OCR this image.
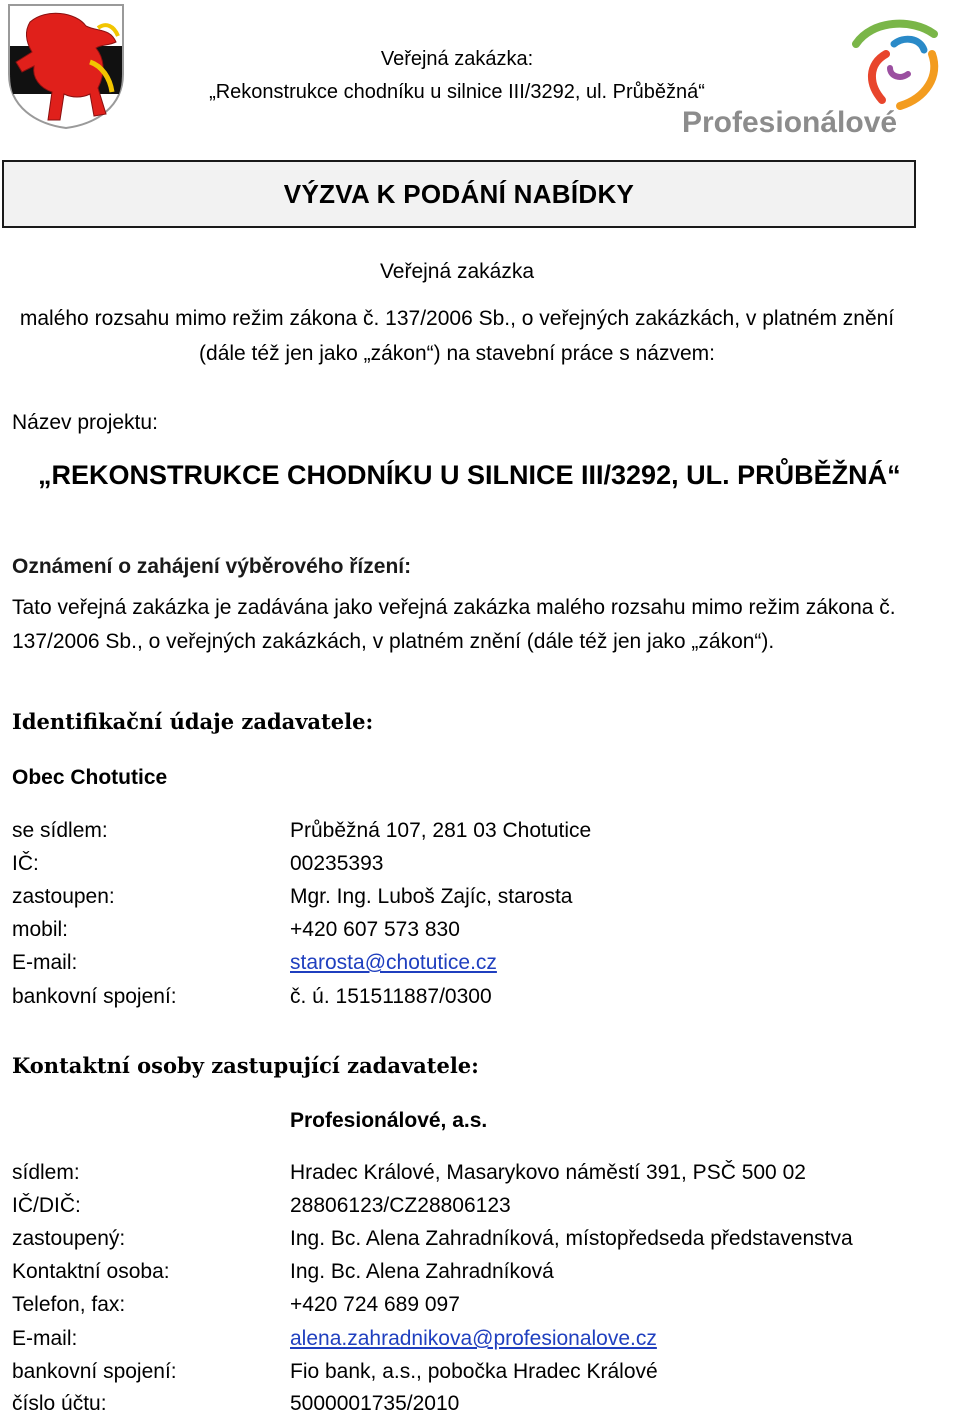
Veřejná zakázka:
„Rekonstrukce chodníku u silnice III/3292, ul. Průběžná“
Profesionálové
VÝZVA K PODÁNÍ NABÍDKY
Veřejná zakázka
malého rozsahu mimo režim zákona č. 137/2006 Sb., o veřejných zakázkách, v platném znění
(dále též jen jako „zákon“) na stavební práce s názvem:
Název projektu:
„REKONSTRUKCE CHODNÍKU U SILNICE III/3292, UL. PRŮBĚŽNÁ“
Oznámení o zahájení výběrového řízení:
Tato veřejná zakázka je zadávána jako veřejná zakázka malého rozsahu mimo režim zákona č.
137/2006 Sb., o veřejných zakázkách, v platném znění (dále též jen jako „zákon“).
Identifikační údaje zadavatele:
Obec Chotutice
se sídlem:	Průběžná 107, 281 03 Chotutice
IČ:	00235393
zastoupen:	Mgr. Ing. Luboš Zajíc, starosta
mobil:	+420 607 573 830
E-mail:	starosta@chotutice.cz
bankovní spojení:	č. ú. 151511887/0300
Kontaktní osoby zastupující zadavatele:
Profesionálové, a.s.
sídlem:	Hradec Králové, Masarykovo náměstí 391, PSČ 500 02
IČ/DIČ:	28806123/CZ28806123
zastoupený:	Ing. Bc. Alena Zahradníková, místopředseda představenstva
Kontaktní osoba:	Ing. Bc. Alena Zahradníková
Telefon, fax:	+420 724 689 097
E-mail:	alena.zahradnikova@profesionalove.cz
bankovní spojení:	Fio bank, a.s., pobočka Hradec Králové
číslo účtu:	5000001735/2010
